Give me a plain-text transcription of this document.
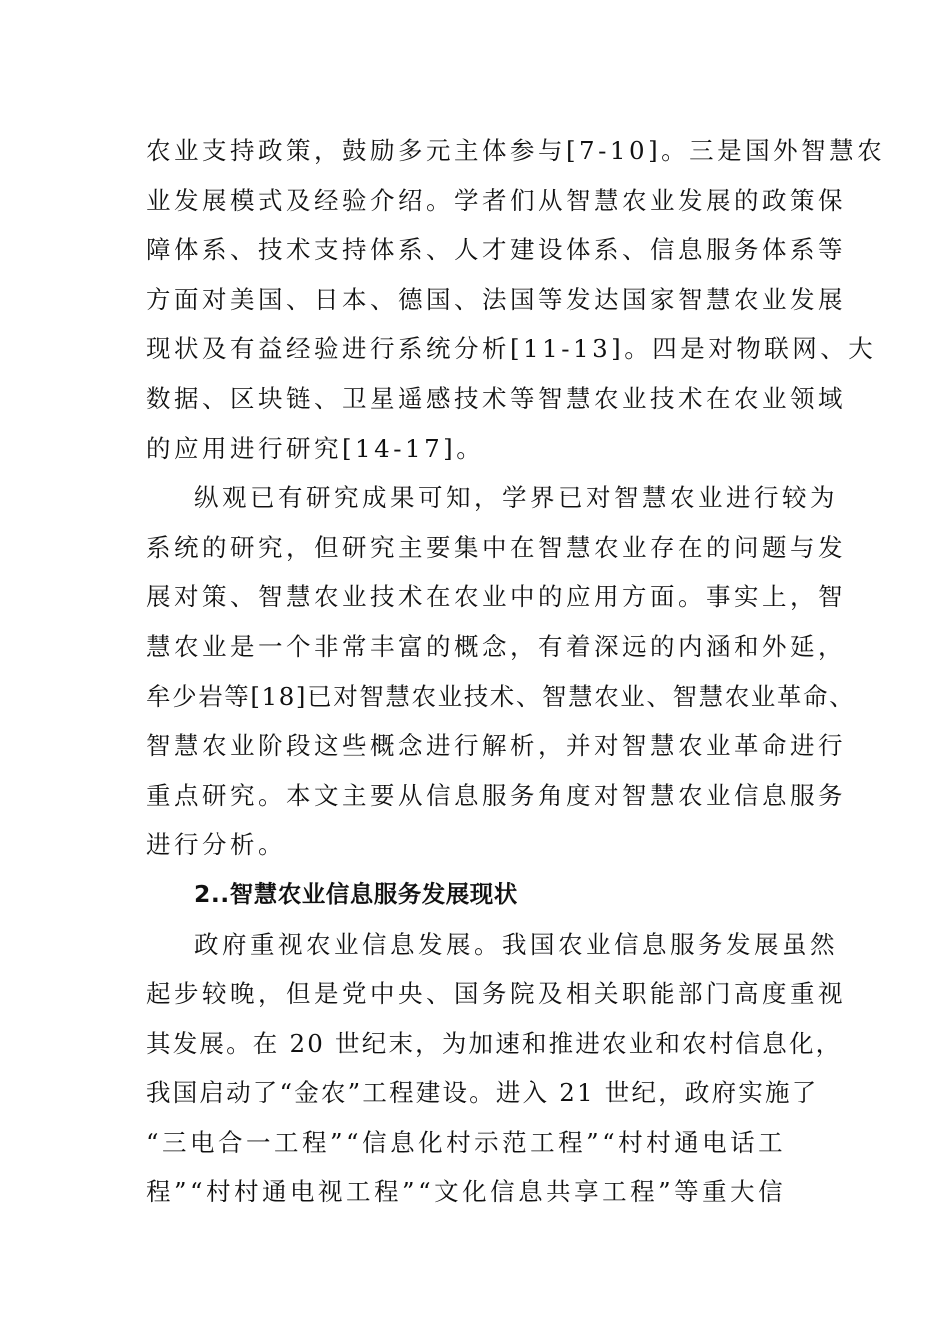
农业支持政策，鼓励多元主体参与[7-10]。三是国外智慧农
业发展模式及经验介绍。学者们从智慧农业发展的政策保
障体系、技术支持体系、人才建设体系、信息服务体系等
方面对美国、日本、德国、法国等发达国家智慧农业发展
现状及有益经验进行系统分析[11-13]。四是对物联网、大
数据、区块链、卫星遥感技术等智慧农业技术在农业领域
的应用进行研究[14-17]。
纵观已有研究成果可知，学界已对智慧农业进行较为
系统的研究，但研究主要集中在智慧农业存在的问题与发
展对策、智慧农业技术在农业中的应用方面。事实上，智
慧农业是一个非常丰富的概念，有着深远的内涵和外延，
牟少岩等[18]已对智慧农业技术、智慧农业、智慧农业革命、
智慧农业阶段这些概念进行解析，并对智慧农业革命进行
重点研究。本文主要从信息服务角度对智慧农业信息服务
进行分析。
2..智慧农业信息服务发展现状
政府重视农业信息发展。我国农业信息服务发展虽然
起步较晚，但是党中央、国务院及相关职能部门高度重视
其发展。在 20 世纪末，为加速和推进农业和农村信息化，
我国启动了“金农”工程建设。进入 21 世纪，政府实施了
“三电合一工程”“信息化村示范工程”“村村通电话工
程”“村村通电视工程”“文化信息共享工程”等重大信
